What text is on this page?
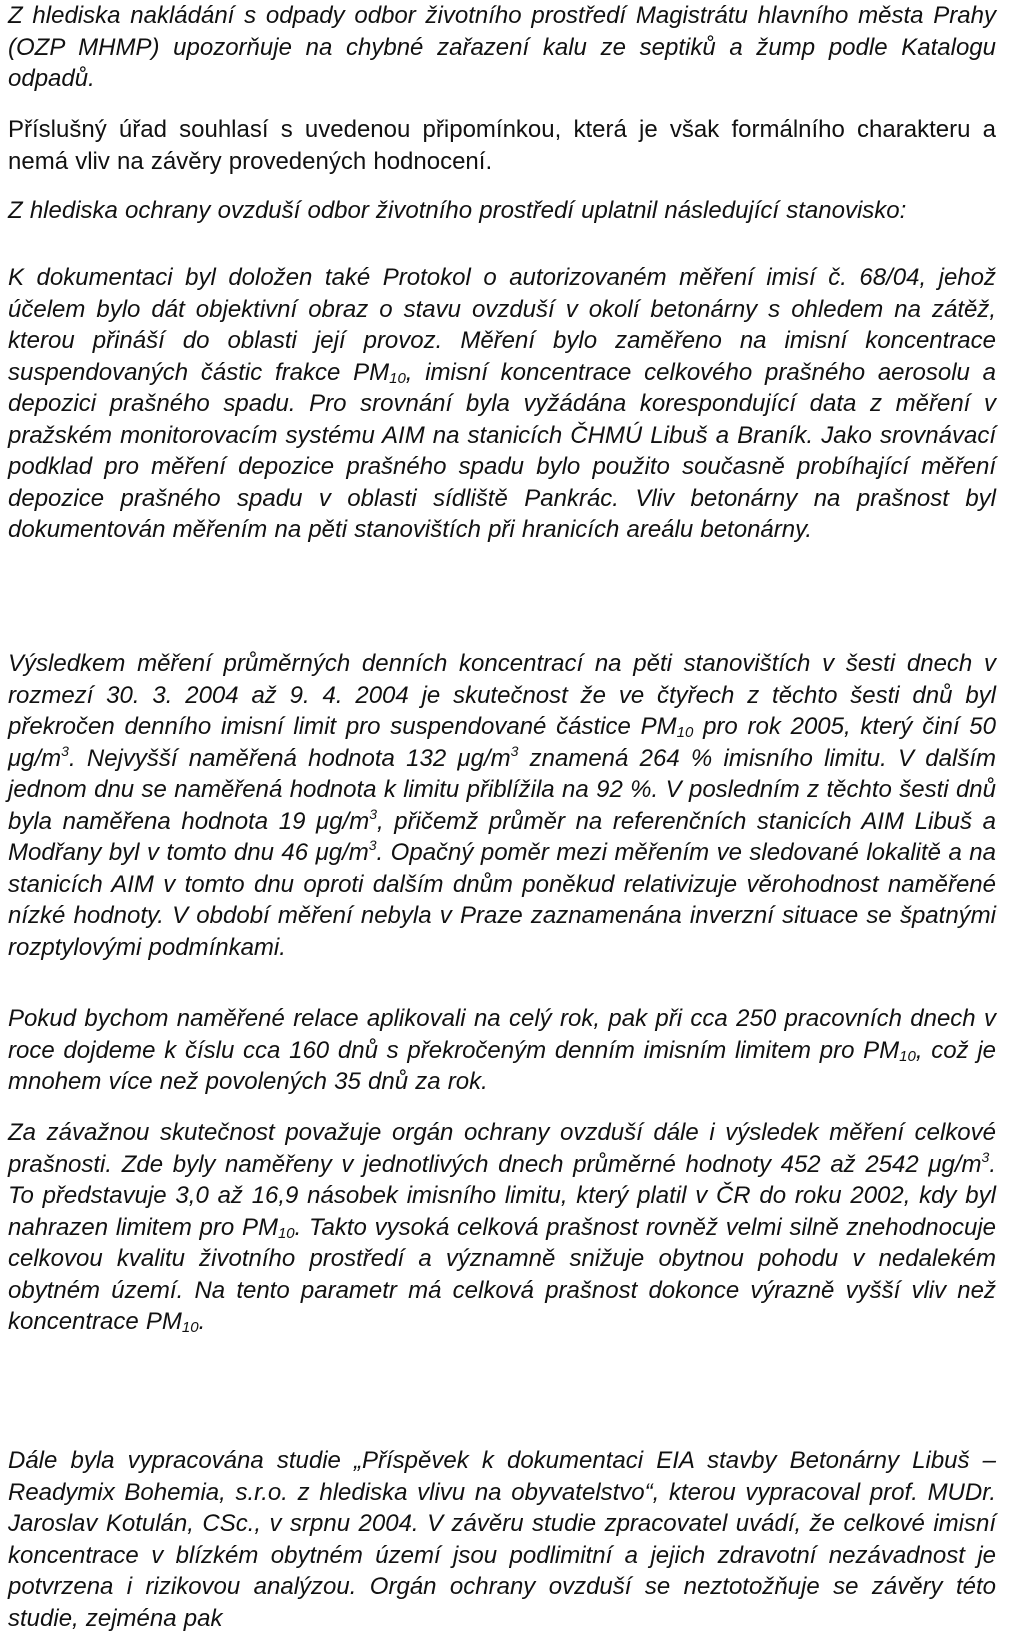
Z hlediska nakládání s odpady odbor životního prostředí Magistrátu hlavního města Prahy (OZP MHMP) upozorňuje na chybné zařazení kalu ze septiků a žump podle Katalogu odpadů.

Příslušný úřad souhlasí s uvedenou připomínkou, která je však formálního charakteru a nemá vliv na závěry provedených hodnocení.

Z hlediska ochrany ovzduší odbor životního prostředí uplatnil následující stanovisko:

K dokumentaci byl doložen také Protokol o autorizovaném měření imisí č. 68/04, jehož účelem bylo dát objektivní obraz o stavu ovzduší v okolí betonárny s ohledem na zátěž, kterou přináší do oblasti její provoz. Měření bylo zaměřeno na imisní koncentrace suspendovaných částic frakce $PM_{10}$, imisní koncentrace celkového prašného aerosolu a depozici prašného spadu. Pro srovnání byla vyžádána korespondující data z měření v pražském monitorovacím systému AIM na stanicích ČHMÚ Libuš a Braník. Jako srovnávací podklad pro měření depozice prašného spadu bylo použito současně probíhající měření depozice prašného spadu v oblasti sídliště Pankrác. Vliv betonárny na prašnost byl dokumentován měřením na pěti stanovištích při hranicích areálu betonárny.

Výsledkem měření průměrných denních koncentrací na pěti stanovištích v šesti dnech v rozmezí 30. 3. 2004 až 9. 4. 2004 je skutečnost že ve čtyřech z těchto šesti dnů byl překročen denního imisní limit pro suspendované částice $PM_{10}$ pro rok 2005, který činí 50 $\mu g/m^3$. Nejvyšší naměřená hodnota 132 $\mu g/m^3$ znamená 264 % imisního limitu. V dalším jednom dnu se naměřená hodnota k limitu přiblížila na 92 %. V posledním z těchto šesti dnů byla naměřena hodnota 19 $\mu g/m^3$, přičemž průměr na referenčních stanicích AIM Libuš a Modřany byl v tomto dnu 46 $\mu g/m^3$. Opačný poměr mezi měřením ve sledované lokalitě a na stanicích AIM v tomto dnu oproti dalším dnům poněkud relativizuje věrohodnost naměřené nízké hodnoty. V období měření nebyla v Praze zaznamenána inverzní situace se špatnými rozptylovými podmínkami.

Pokud bychom naměřené relace aplikovali na celý rok, pak při cca 250 pracovních dnech v roce dojdeme k číslu cca 160 dnů s překročeným denním imisním limitem pro $PM_{10}$, což je mnohem více než povolených 35 dnů za rok.

Za závažnou skutečnost považuje orgán ochrany ovzduší dále i výsledek měření celkové prašnosti. Zde byly naměřeny v jednotlivých dnech průměrné hodnoty 452 až 2542 $\mu g/m^3$. To představuje 3,0 až 16,9 násobek imisního limitu, který platil v ČR do roku 2002, kdy byl nahrazen limitem pro $PM_{10}$. Takto vysoká celková prašnost rovněž velmi silně znehodnocuje celkovou kvalitu životního prostředí a významně snižuje obytnou pohodu v nedalekém obytném území. Na tento parametr má celková prašnost dokonce výrazně vyšší vliv než koncentrace $PM_{10}$.

Dále byla vypracována studie „Příspěvek k dokumentaci EIA stavby Betonárny Libuš – Readymix Bohemia, s.r.o. z hlediska vlivu na obyvatelstvo“, kterou vypracoval prof. MUDr. Jaroslav Kotulán, CSc., v srpnu 2004. V závěru studie zpracovatel uvádí, že celkové imisní koncentrace v blízkém obytném území jsou podlimitní a jejich zdravotní nezávadnost je potvrzena i rizikovou analýzou. Orgán ochrany ovzduší se neztotožňuje se závěry této studie, zejména pak
